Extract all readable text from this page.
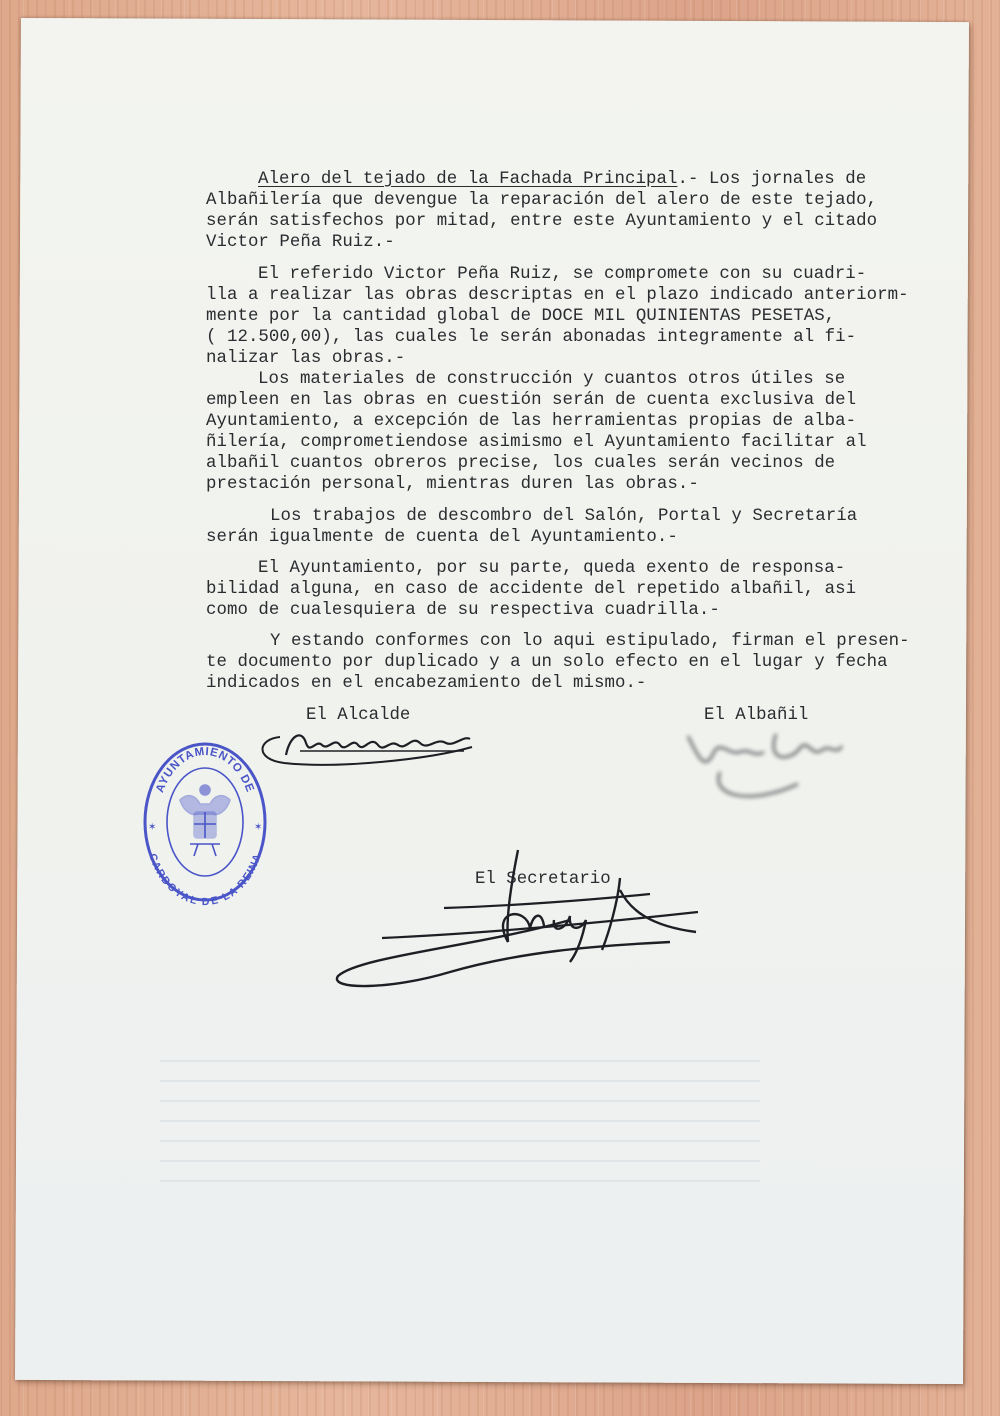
Alero del tejado de la Fachada Principal.- Los jornales de
Albañilería que devengue la reparación del alero de este tejado,
serán satisfechos por mitad, entre este Ayuntamiento y el citado
Victor Peña Ruiz.-
El referido Victor Peña Ruiz, se compromete con su cuadri-
lla a realizar las obras descriptas en el plazo indicado anteriorm-
mente por la cantidad global de DOCE MIL QUINIENTAS PESETAS,
( 12.500,00), las cuales le serán abonadas integramente al fi-
nalizar las obras.-
Los materiales de construcción y cuantos otros útiles se
empleen en las obras en cuestión serán de cuenta exclusiva del
Ayuntamiento, a excepción de las herramientas propias de alba-
ñilería, comprometiendose asimismo el Ayuntamiento facilitar al
albañil cuantos obreros precise, los cuales serán vecinos de
prestación personal, mientras duren las obras.-
Los trabajos de descombro del Salón, Portal y Secretaría
serán igualmente de cuenta del Ayuntamiento.-
El Ayuntamiento, por su parte, queda exento de responsa-
bilidad alguna, en caso de accidente del repetido albañil, asi
como de cualesquiera de su respectiva cuadrilla.-
Y estando conformes con lo aqui estipulado, firman el presen-
te documento por duplicado y a un solo efecto en el lugar y fecha
indicados en el encabezamiento del mismo.-
El Alcalde	El Albañil
El Secretario
AYUNTAMIENTO DE
CARDOYAL DE LA REINA
✶	✶
